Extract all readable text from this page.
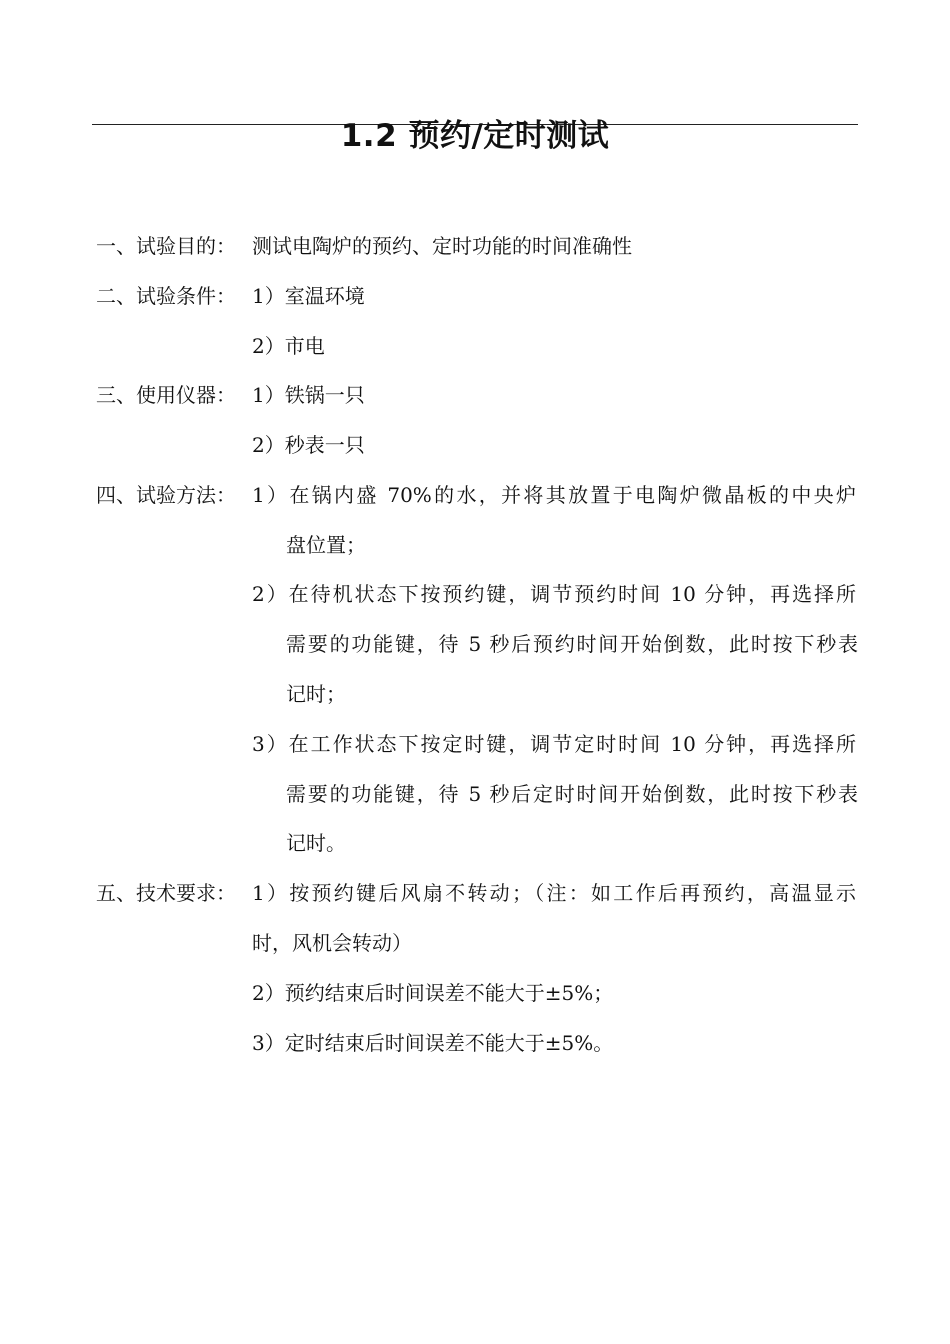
1.2 预约/定时测试
一、试验目的： 测试电陶炉的预约、定时功能的时间准确性
二、试验条件： 1）室温环境
2）市电
三、使用仪器： 1）铁锅一只
2）秒表一只
四、试验方法： 1）在锅内盛 70%的水，并将其放置于电陶炉微晶板的中央炉
盘位置；
2）在待机状态下按预约键，调节预约时间 10 分钟，再选择所
需要的功能键，待 5 秒后预约时间开始倒数，此时按下秒表
记时；
3）在工作状态下按定时键，调节定时时间 10 分钟，再选择所
需要的功能键，待 5 秒后定时时间开始倒数，此时按下秒表
记时。
五、技术要求： 1）按预约键后风扇不转动；（注：如工作后再预约，高温显示
时，风机会转动）
2）预约结束后时间误差不能大于±5%；
3）定时结束后时间误差不能大于±5%。
